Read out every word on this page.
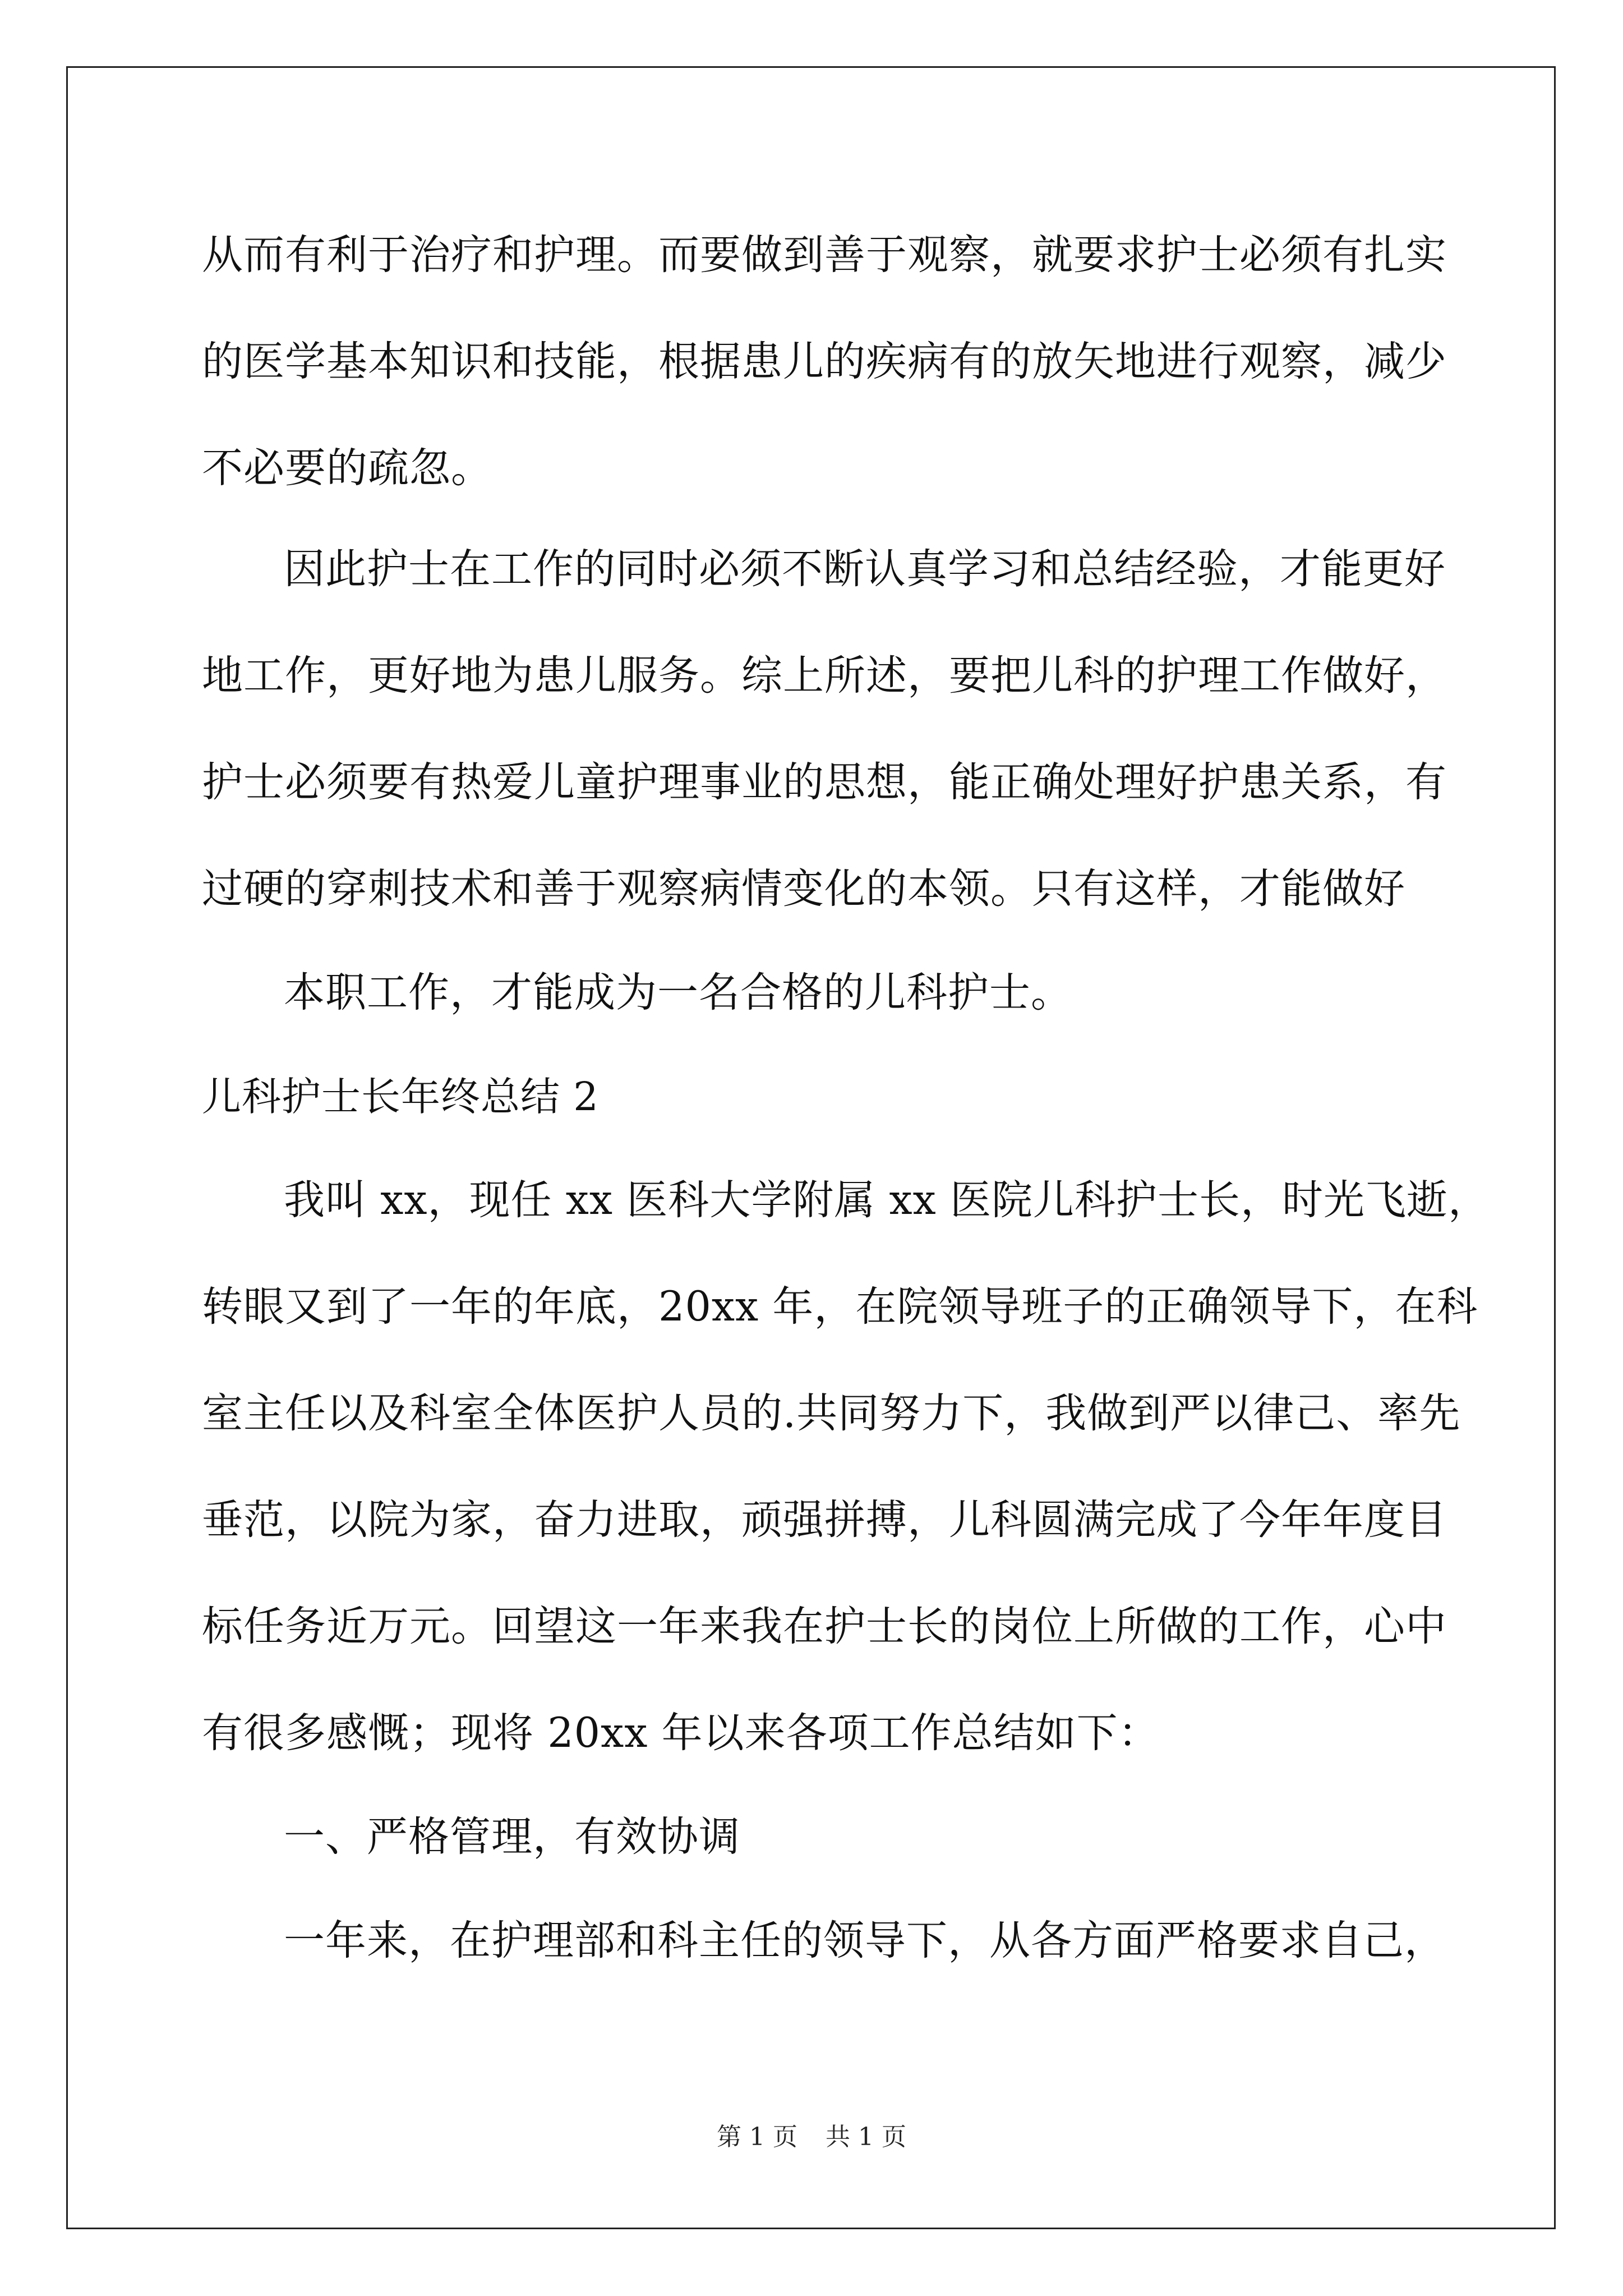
从而有利于治疗和护理。而要做到善于观察，就要求护士必须有扎实
的医学基本知识和技能，根据患儿的疾病有的放矢地进行观察，减少
不必要的疏忽。
因此护士在工作的同时必须不断认真学习和总结经验，才能更好
地工作，更好地为患儿服务。综上所述，要把儿科的护理工作做好，
护士必须要有热爱儿童护理事业的思想，能正确处理好护患关系，有
过硬的穿刺技术和善于观察病情变化的本领。只有这样，才能做好
本职工作，才能成为一名合格的儿科护士。
儿科护士长年终总结 2
我叫 xx，现任 xx 医科大学附属 xx 医院儿科护士长，时光飞逝，
转眼又到了一年的年底，20xx 年，在院领导班子的正确领导下，在科
室主任以及科室全体医护人员的.共同努力下，我做到严以律己、率先
垂范，以院为家，奋力进取，顽强拼搏，儿科圆满完成了今年年度目
标任务近万元。回望这一年来我在护士长的岗位上所做的工作，心中
有很多感慨；现将 20xx 年以来各项工作总结如下：
一、严格管理，有效协调
一年来，在护理部和科主任的领导下，从各方面严格要求自己，
第 1 页 共 1 页
